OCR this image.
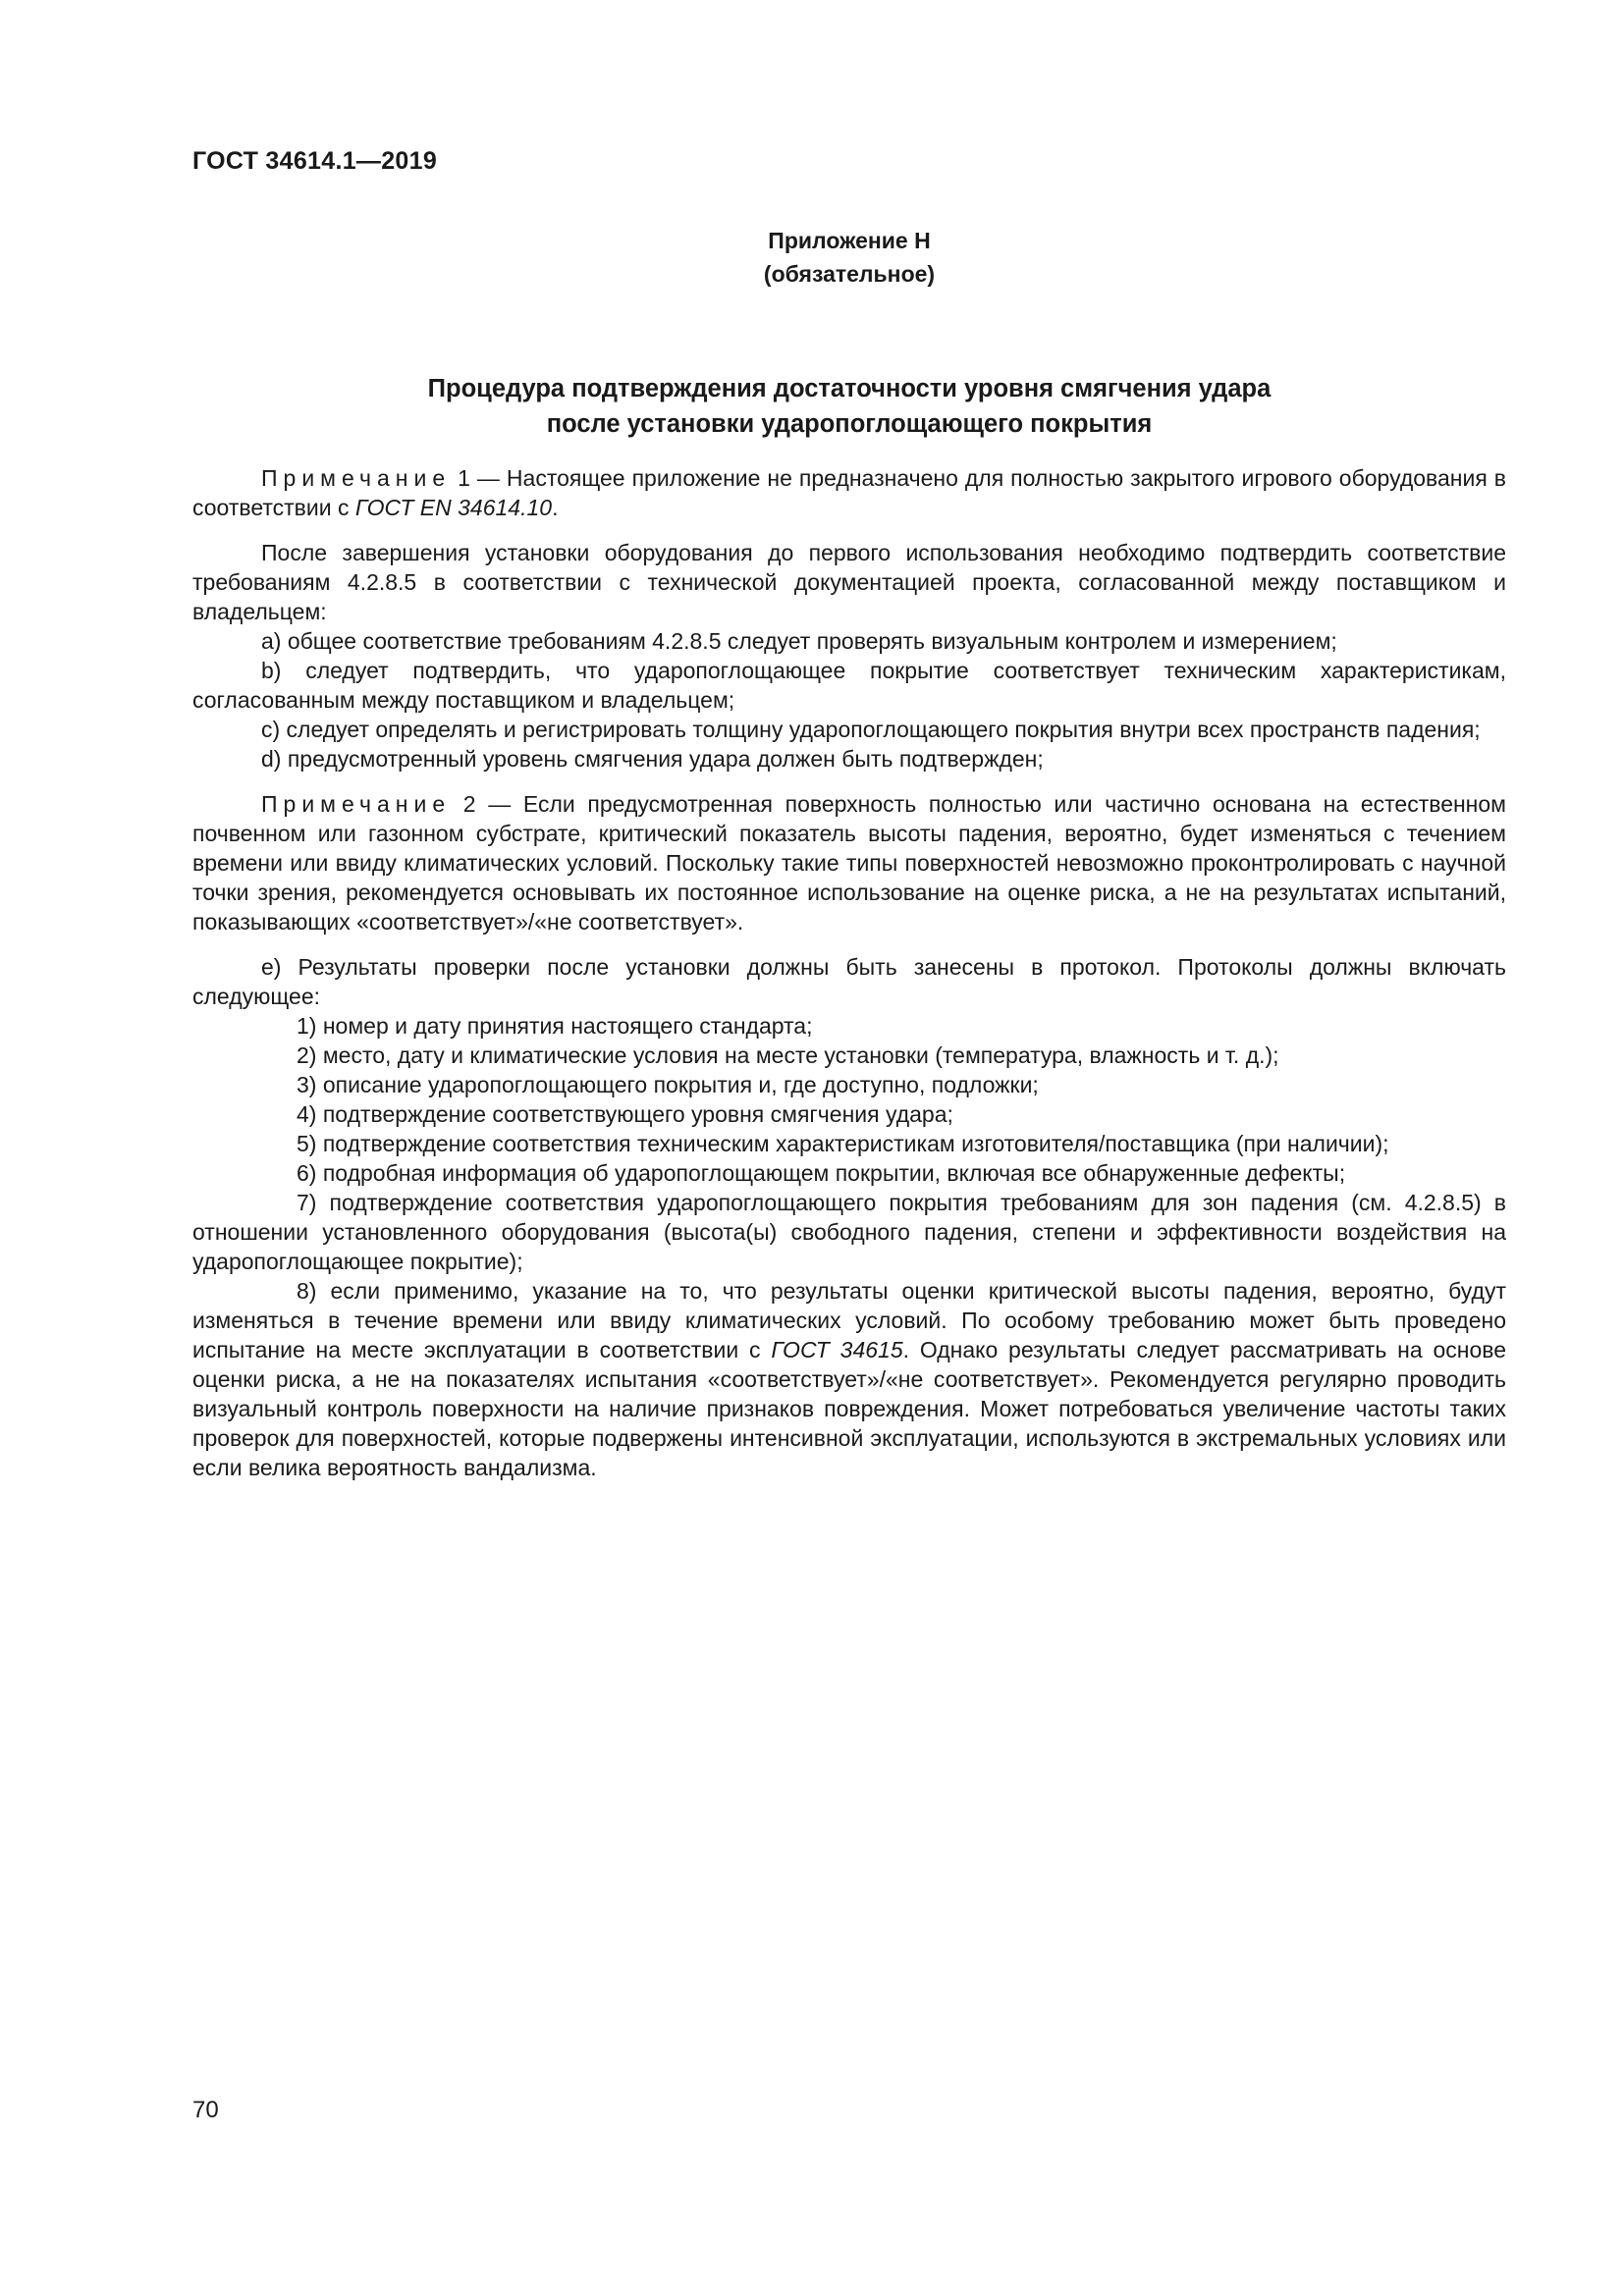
ГОСТ 34614.1—2019
Приложение Н
(обязательное)
Процедура подтверждения достаточности уровня смягчения удара
после установки ударопоглощающего покрытия

Примечание 1 — Настоящее приложение не предназначено для полностью закрытого игрового оборудования в соответствии с ГОСТ EN 34614.10.

После завершения установки оборудования до первого использования необходимо подтвердить соответствие требованиям 4.2.8.5 в соответствии с технической документацией проекта, согласованной между поставщиком и владельцем:

а) общее соответствие требованиям 4.2.8.5 следует проверять визуальным контролем и измерением;

b) следует подтвердить, что ударопоглощающее покрытие соответствует техническим характеристикам, согласованным между поставщиком и владельцем;

с) следует определять и регистрировать толщину ударопоглощающего покрытия внутри всех пространств падения;

d) предусмотренный уровень смягчения удара должен быть подтвержден;

Примечание 2 — Если предусмотренная поверхность полностью или частично основана на естественном почвенном или газонном субстрате, критический показатель высоты падения, вероятно, будет изменяться с течением времени или ввиду климатических условий. Поскольку такие типы поверхностей невозможно проконтролировать с научной точки зрения, рекомендуется основывать их постоянное использование на оценке риска, а не на результатах испытаний, показывающих «соответствует»/«не соответствует».

е) Результаты проверки после установки должны быть занесены в протокол. Протоколы должны включать следующее:

1) номер и дату принятия настоящего стандарта;

2) место, дату и климатические условия на месте установки (температура, влажность и т. д.);

3) описание ударопоглощающего покрытия и, где доступно, подложки;

4) подтверждение соответствующего уровня смягчения удара;

5) подтверждение соответствия техническим характеристикам изготовителя/поставщика (при наличии);

6) подробная информация об ударопоглощающем покрытии, включая все обнаруженные дефекты;

7) подтверждение соответствия ударопоглощающего покрытия требованиям для зон падения (см. 4.2.8.5) в отношении установленного оборудования (высота(ы) свободного падения, степени и эффективности воздействия на ударопоглощающее покрытие);

8) если применимо, указание на то, что результаты оценки критической высоты падения, вероятно, будут изменяться в течение времени или ввиду климатических условий. По особому требованию может быть проведено испытание на месте эксплуатации в соответствии с ГОСТ 34615. Однако результаты следует рассматривать на основе оценки риска, а не на показателях испытания «соответствует»/«не соответствует». Рекомендуется регулярно проводить визуальный контроль поверхности на наличие признаков повреждения. Может потребоваться увеличение частоты таких проверок для поверхностей, которые подвержены интенсивной эксплуатации, используются в экстремальных условиях или если велика вероятность вандализма.

70
